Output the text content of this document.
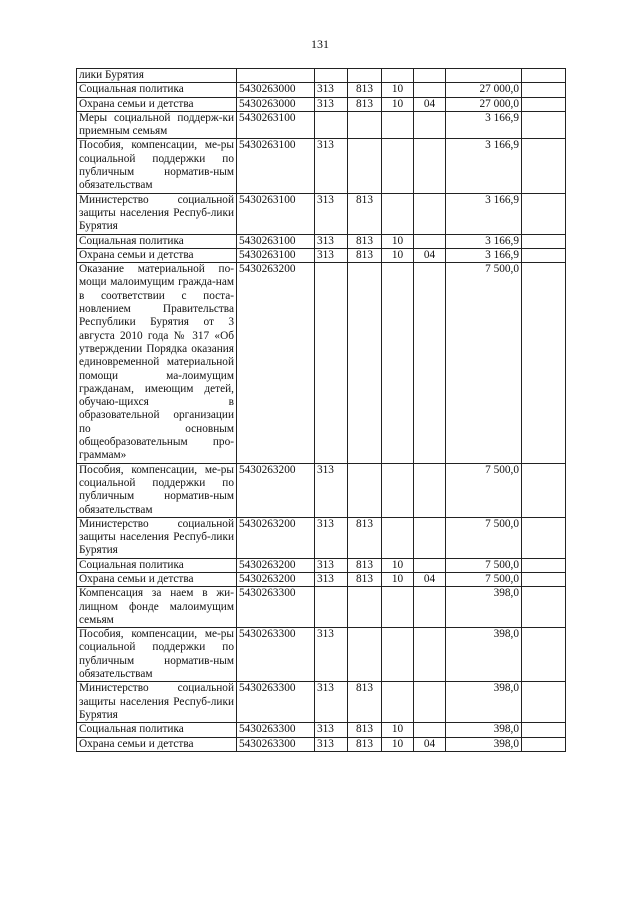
131
лики Бурятия							
Социальная политика	5430263000	313	813	10		27 000,0	
Охрана семьи и детства	5430263000	313	813	10	04	27 000,0	
Меры социальной поддерж-ки приемным семьям	5430263100					3 166,9	
Пособия, компенсации, ме-ры социальной поддержки по публичным норматив-ным обязательствам	5430263100	313				3 166,9	
Министерство социальной защиты населения Респуб-лики Бурятия	5430263100	313	813			3 166,9	
Социальная политика	5430263100	313	813	10		3 166,9	
Охрана семьи и детства	5430263100	313	813	10	04	3 166,9	
Оказание материальной по-мощи малоимущим гражда-нам в соответствии с поста-новлением Правительства Республики Бурятия от 3 августа 2010 года № 317 «Об утверждении Порядка оказания единовременной материальной помощи ма-лоимущим гражданам, имеющим детей, обучаю-щихся в образовательной организации по основным общеобразовательным про-граммам»	5430263200					7 500,0	
Пособия, компенсации, ме-ры социальной поддержки по публичным норматив-ным обязательствам	5430263200	313				7 500,0	
Министерство социальной защиты населения Респуб-лики Бурятия	5430263200	313	813			7 500,0	
Социальная политика	5430263200	313	813	10		7 500,0	
Охрана семьи и детства	5430263200	313	813	10	04	7 500,0	
Компенсация за наем в жи-лищном фонде малоимущим семьям	5430263300					398,0	
Пособия, компенсации, ме-ры социальной поддержки по публичным норматив-ным обязательствам	5430263300	313				398,0	
Министерство социальной защиты населения Респуб-лики Бурятия	5430263300	313	813			398,0	
Социальная политика	5430263300	313	813	10		398,0	
Охрана семьи и детства	5430263300	313	813	10	04	398,0	
